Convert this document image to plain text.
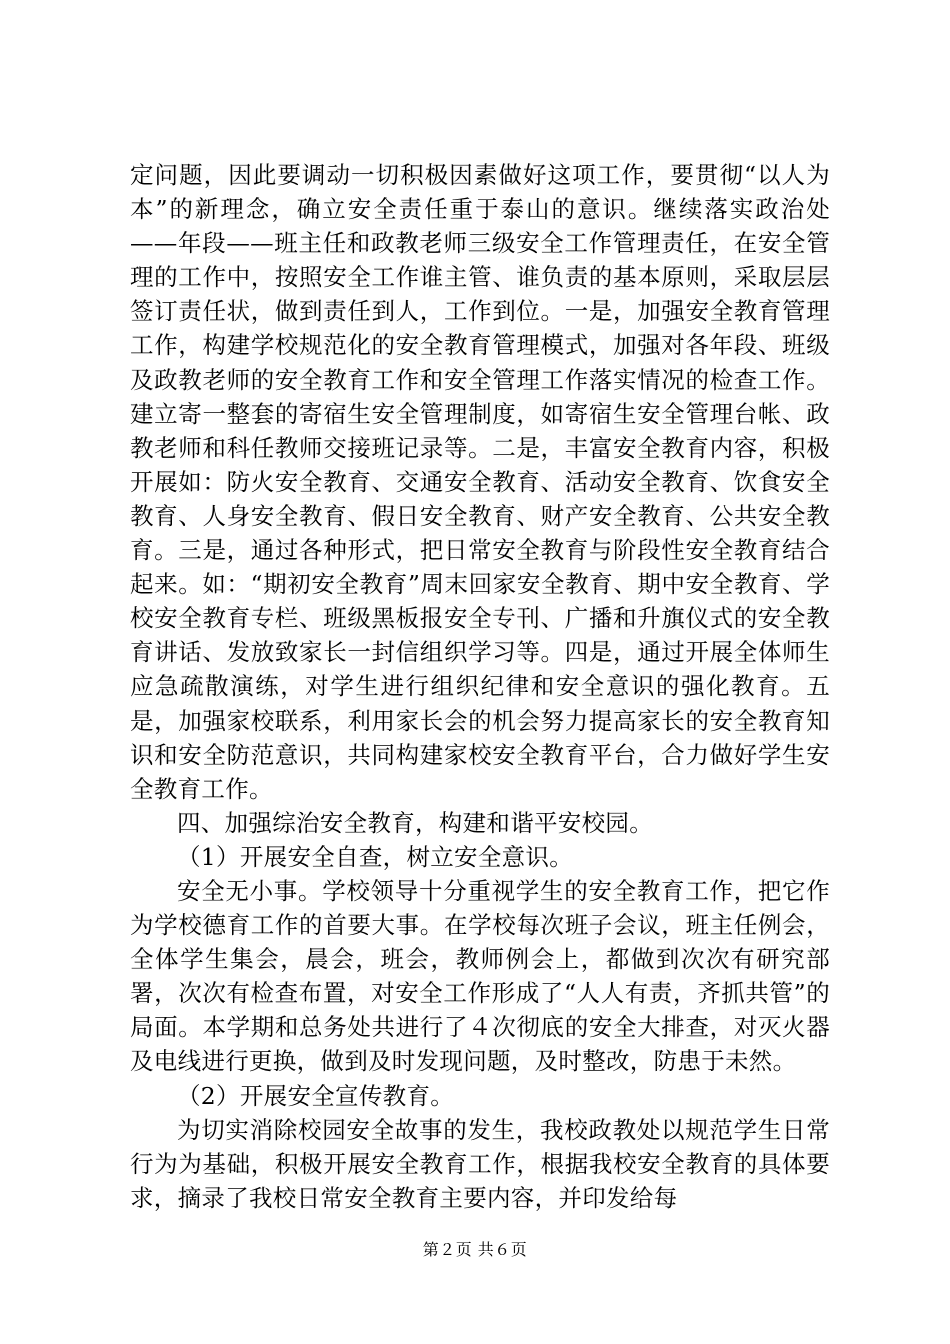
定问题，因此要调动一切积极因素做好这项工作，要贯彻“以人为本”的新理念，确立安全责任重于泰山的意识。继续落实政治处——年段——班主任和政教老师三级安全工作管理责任，在安全管理的工作中，按照安全工作谁主管、谁负责的基本原则，采取层层签订责任状，做到责任到人，工作到位。一是，加强安全教育管理工作，构建学校规范化的安全教育管理模式，加强对各年段、班级及政教老师的安全教育工作和安全管理工作落实情况的检查工作。建立寄一整套的寄宿生安全管理制度，如寄宿生安全管理台帐、政教老师和科任教师交接班记录等。二是，丰富安全教育内容，积极开展如：防火安全教育、交通安全教育、活动安全教育、饮食安全教育、人身安全教育、假日安全教育、财产安全教育、公共安全教育。三是，通过各种形式，把日常安全教育与阶段性安全教育结合起来。如：“期初安全教育”周末回家安全教育、期中安全教育、学校安全教育专栏、班级黑板报安全专刊、广播和升旗仪式的安全教育讲话、发放致家长一封信组织学习等。四是，通过开展全体师生应急疏散演练，对学生进行组织纪律和安全意识的强化教育。五是，加强家校联系，利用家长会的机会努力提高家长的安全教育知识和安全防范意识，共同构建家校安全教育平台，合力做好学生安全教育工作。

四、加强综治安全教育，构建和谐平安校园。

（1）开展安全自查，树立安全意识。

安全无小事。学校领导十分重视学生的安全教育工作，把它作为学校德育工作的首要大事。在学校每次班子会议，班主任例会，全体学生集会，晨会，班会，教师例会上，都做到次次有研究部署，次次有检查布置，对安全工作形成了“人人有责，齐抓共管”的局面。本学期和总务处共进行了４次彻底的安全大排查，对灭火器及电线进行更换，做到及时发现问题，及时整改，防患于未然。

（2）开展安全宣传教育。

为切实消除校园安全故事的发生，我校政教处以规范学生日常行为为基础，积极开展安全教育工作，根据我校安全教育的具体要求，摘录了我校日常安全教育主要内容，并印发给每

第２页 共６页
